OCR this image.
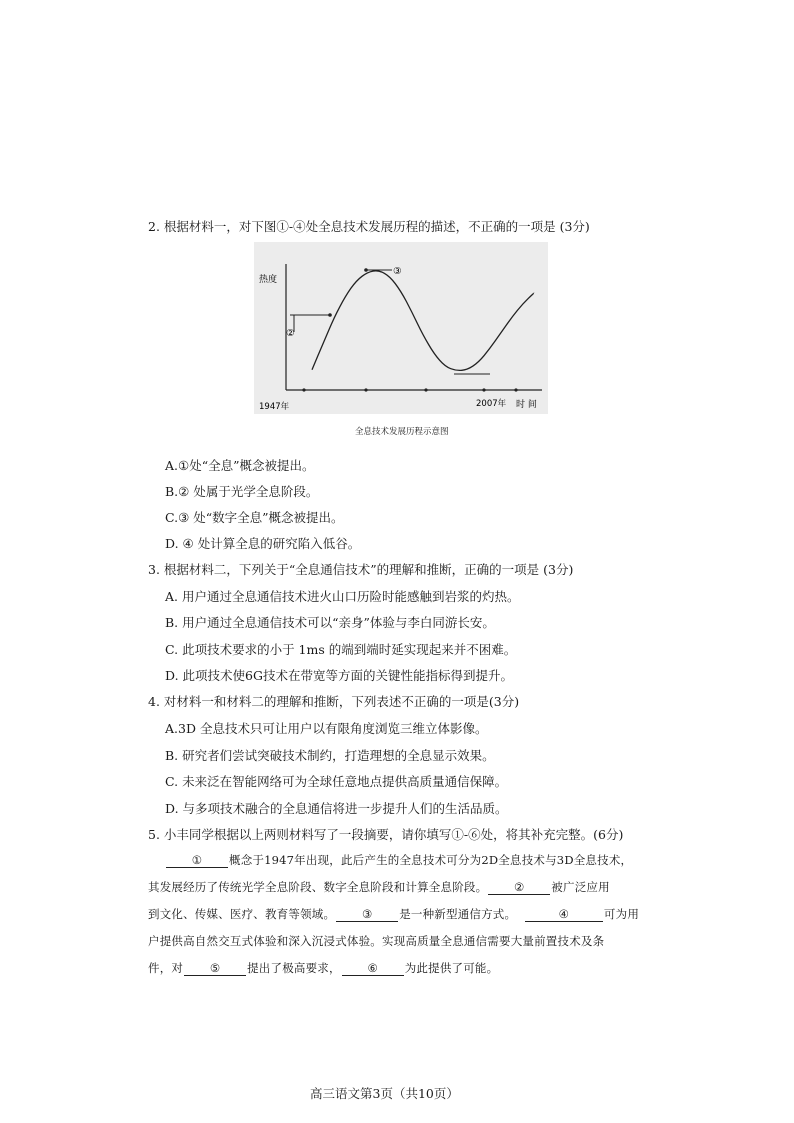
2. 根据材料一，对下图①-④处全息技术发展历程的描述，不正确的一项是 (3分)
热度
时 间
1947年	2007年
②
③
全息技术发展历程示意图
A.①处“全息”概念被提出。
B.② 处属于光学全息阶段。
C.③ 处“数字全息”概念被提出。
D. ④ 处计算全息的研究陷入低谷。
3. 根据材料二，下列关于“全息通信技术”的理解和推断，正确的一项是 (3分)
A. 用户通过全息通信技术进火山口历险时能感触到岩浆的灼热。
B. 用户通过全息通信技术可以“亲身”体验与李白同游长安。
C. 此项技术要求的小于 1ms 的端到端时延实现起来并不困难。
D. 此项技术使6G技术在带宽等方面的关键性能指标得到提升。
4. 对材料一和材料二的理解和推断，下列表述不正确的一项是(3分)
A.3D 全息技术只可让用户以有限角度浏览三维立体影像。
B. 研究者们尝试突破技术制约，打造理想的全息显示效果。
C. 未来泛在智能网络可为全球任意地点提供高质量通信保障。
D. 与多项技术融合的全息通信将进一步提升人们的生活品质。
5. 小丰同学根据以上两则材料写了一段摘要，请你填写①-⑥处，将其补充完整。(6分)
① 概念于1947年出现，此后产生的全息技术可分为2D全息技术与3D全息技术，
其发展经历了传统光学全息阶段、数字全息阶段和计算全息阶段。 ② 被广泛应用
到文化、传媒、医疗、教育等领域。 ③ 是一种新型通信方式。	④	可为用
户提供高自然交互式体验和深入沉浸式体验。实现高质量全息通信需要大量前置技术及条
件，对 ⑤ 提出了极高要求， ⑥ 为此提供了可能。
高三语文第3页（共10页）
